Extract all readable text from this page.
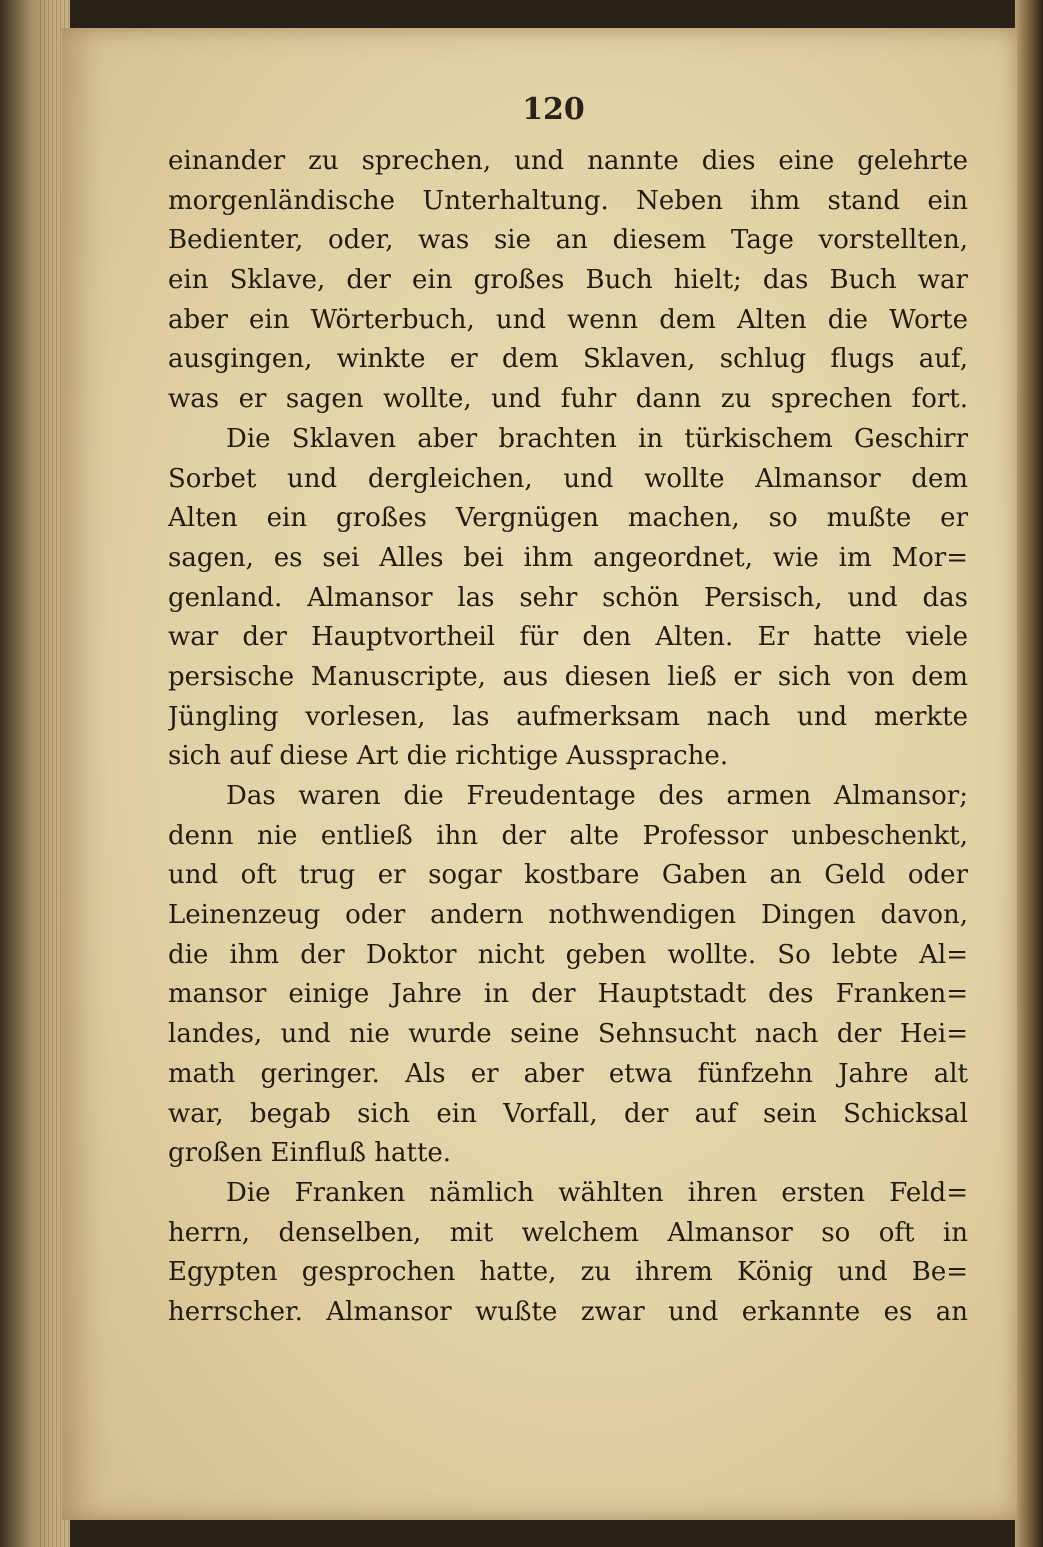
120
einander zu sprechen, und nannte dies eine gelehrte
morgenländische Unterhaltung. Neben ihm stand ein
Bedienter, oder, was sie an diesem Tage vorstellten,
ein Sklave, der ein großes Buch hielt; das Buch war
aber ein Wörterbuch, und wenn dem Alten die Worte
ausgingen, winkte er dem Sklaven, schlug flugs auf,
was er sagen wollte, und fuhr dann zu sprechen fort.
Die Sklaven aber brachten in türkischem Geschirr
Sorbet und dergleichen, und wollte Almansor dem
Alten ein großes Vergnügen machen, so mußte er
sagen, es sei Alles bei ihm angeordnet, wie im Mor=
genland. Almansor las sehr schön Persisch, und das
war der Hauptvortheil für den Alten. Er hatte viele
persische Manuscripte, aus diesen ließ er sich von dem
Jüngling vorlesen, las aufmerksam nach und merkte
sich auf diese Art die richtige Aussprache.
Das waren die Freudentage des armen Almansor;
denn nie entließ ihn der alte Professor unbeschenkt,
und oft trug er sogar kostbare Gaben an Geld oder
Leinenzeug oder andern nothwendigen Dingen davon,
die ihm der Doktor nicht geben wollte. So lebte Al=
mansor einige Jahre in der Hauptstadt des Franken=
landes, und nie wurde seine Sehnsucht nach der Hei=
math geringer. Als er aber etwa fünfzehn Jahre alt
war, begab sich ein Vorfall, der auf sein Schicksal
großen Einfluß hatte.
Die Franken nämlich wählten ihren ersten Feld=
herrn, denselben, mit welchem Almansor so oft in
Egypten gesprochen hatte, zu ihrem König und Be=
herrscher. Almansor wußte zwar und erkannte es an
